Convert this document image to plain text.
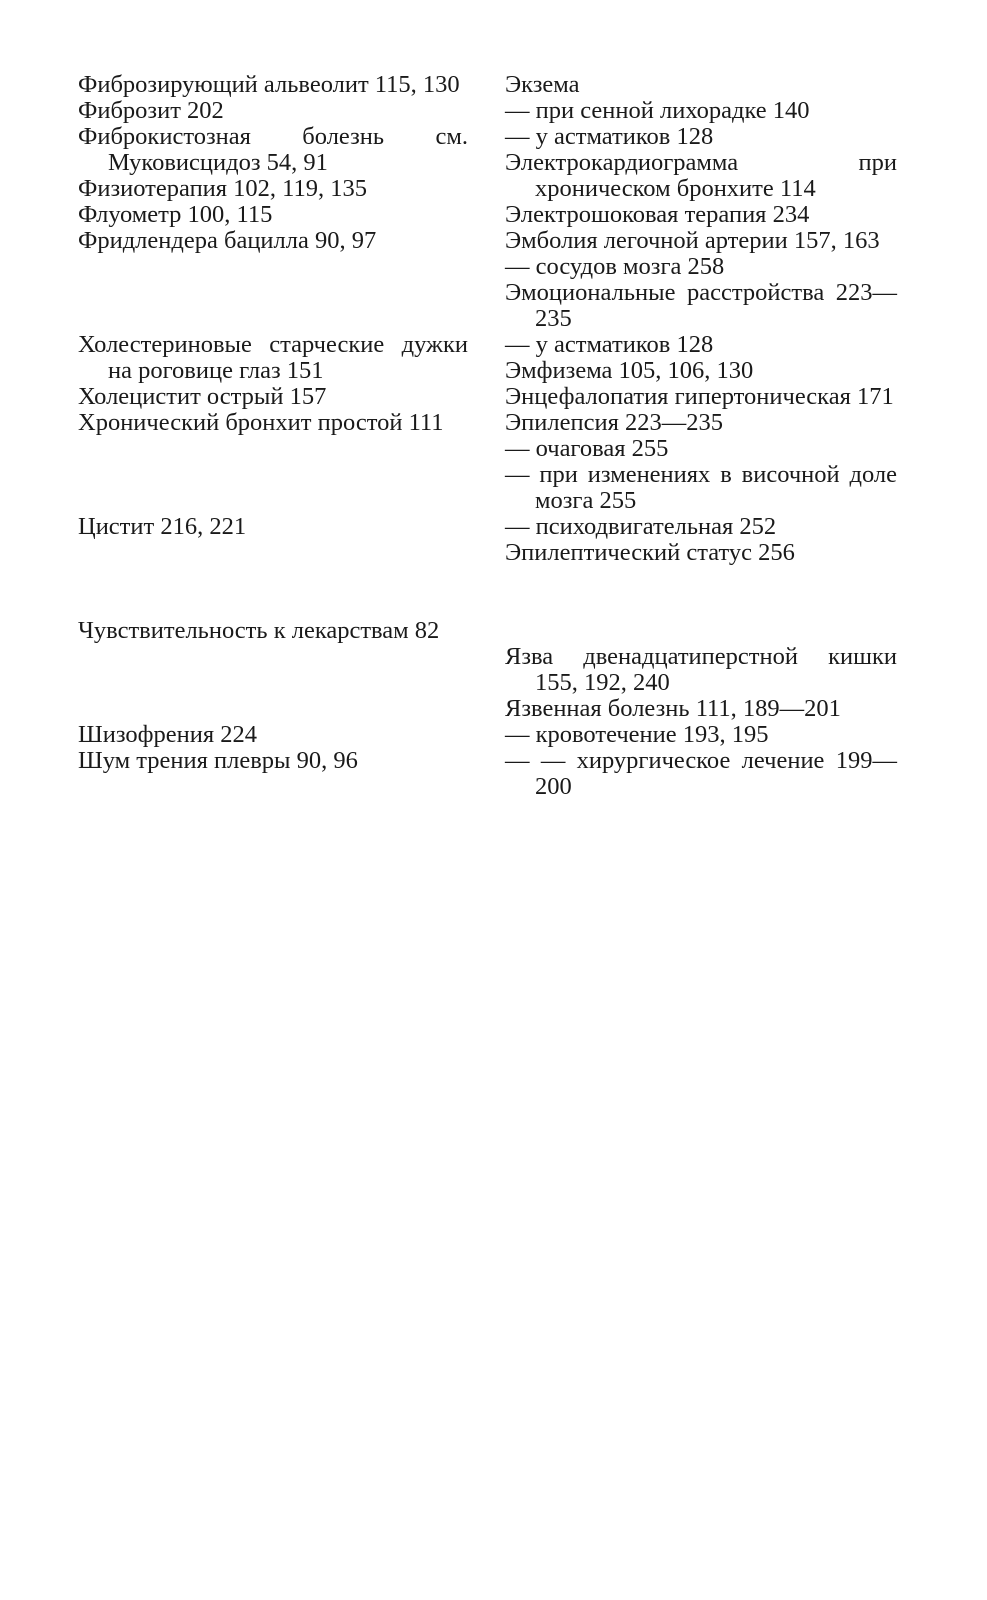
Фиброзирующий альвеолит 115, 130
Фиброзит 202
Фиброкистозная болезнь см. Муковисцидоз 54, 91
Физиотерапия 102, 119, 135
Флуометр 100, 115
Фридлендера бацилла 90, 97
Холестериновые старческие дужки на роговице глаз 151
Холецистит острый 157
Хронический бронхит простой 111
Цистит 216, 221
Чувствительность к лекарствам 82
Шизофрения 224
Шум трения плевры 90, 96
Экзема
— при сенной лихорадке 140
— у астматиков 128
Электрокардиограмма при хроническом бронхите 114
Электрошоковая терапия 234
Эмболия легочной артерии 157, 163
— сосудов мозга 258
Эмоциональные расстройства 223—235
— у астматиков 128
Эмфизема 105, 106, 130
Энцефалопатия гипертоническая 171
Эпилепсия 223—235
— очаговая 255
— при изменениях в височной доле мозга 255
— психодвигательная 252
Эпилептический статус 256
Язва двенадцатиперстной кишки 155, 192, 240
Язвенная болезнь 111, 189—201
— кровотечение 193, 195
— — хирургическое лечение 199—200
